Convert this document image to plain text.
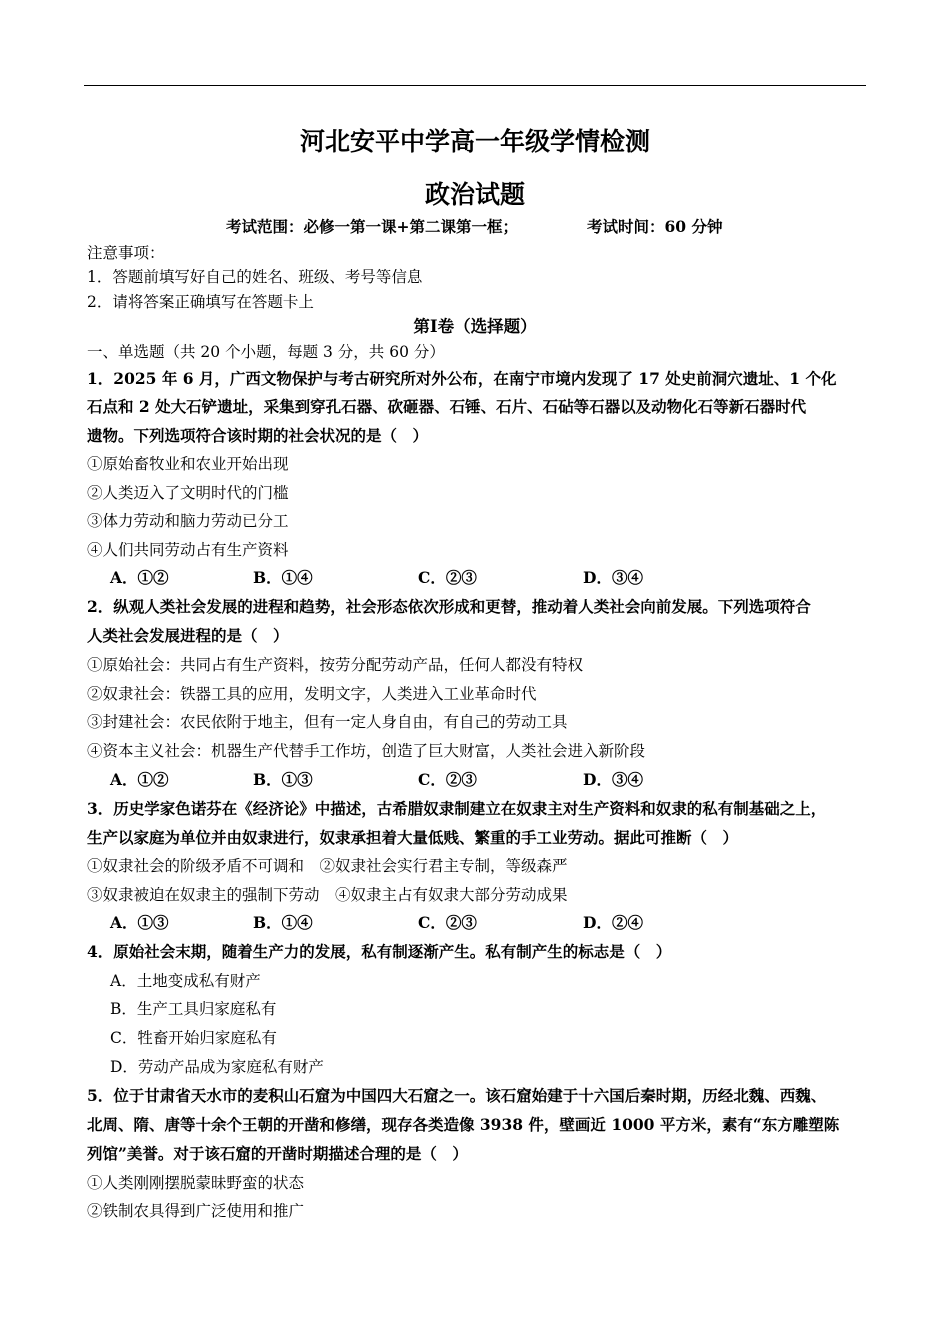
河北安平中学高一年级学情检测
政治试题
考试范围：必修一第一课+第二课第一框；	考试时间：60 分钟
注意事项：
1．答题前填写好自己的姓名、班级、考号等信息
2．请将答案正确填写在答题卡上
第Ⅰ卷（选择题）
一、单选题（共 20 个小题，每题 3 分，共 60 分）
1．2025 年 6 月，广西文物保护与考古研究所对外公布，在南宁市境内发现了 17 处史前洞穴遗址、1 个化
石点和 2 处大石铲遗址，采集到穿孔石器、砍砸器、石锤、石片、石砧等石器以及动物化石等新石器时代
遗物。下列选项符合该时期的社会状况的是（　）
①原始畜牧业和农业开始出现
②人类迈入了文明时代的门槛
③体力劳动和脑力劳动已分工
④人们共同劳动占有生产资料
A．①②	B．①④	C．②③	D．③④
2．纵观人类社会发展的进程和趋势，社会形态依次形成和更替，推动着人类社会向前发展。下列选项符合
人类社会发展进程的是（　）
①原始社会：共同占有生产资料，按劳分配劳动产品，任何人都没有特权
②奴隶社会：铁器工具的应用，发明文字，人类进入工业革命时代
③封建社会：农民依附于地主，但有一定人身自由，有自己的劳动工具
④资本主义社会：机器生产代替手工作坊，创造了巨大财富，人类社会进入新阶段
A．①②	B．①③	C．②③	D．③④
3．历史学家色诺芬在《经济论》中描述，古希腊奴隶制建立在奴隶主对生产资料和奴隶的私有制基础之上，
生产以家庭为单位并由奴隶进行，奴隶承担着大量低贱、繁重的手工业劳动。据此可推断（　）
①奴隶社会的阶级矛盾不可调和　②奴隶社会实行君主专制，等级森严
③奴隶被迫在奴隶主的强制下劳动　④奴隶主占有奴隶大部分劳动成果
A．①③	B．①④	C．②③	D．②④
4．原始社会末期，随着生产力的发展，私有制逐渐产生。私有制产生的标志是（　）
A．土地变成私有财产
B．生产工具归家庭私有
C．牲畜开始归家庭私有
D．劳动产品成为家庭私有财产
5．位于甘肃省天水市的麦积山石窟为中国四大石窟之一。该石窟始建于十六国后秦时期，历经北魏、西魏、
北周、隋、唐等十余个王朝的开凿和修缮，现存各类造像 3938 件，壁画近 1000 平方米，素有“东方雕塑陈
列馆”美誉。对于该石窟的开凿时期描述合理的是（　）
①人类刚刚摆脱蒙昧野蛮的状态
②铁制农具得到广泛使用和推广
